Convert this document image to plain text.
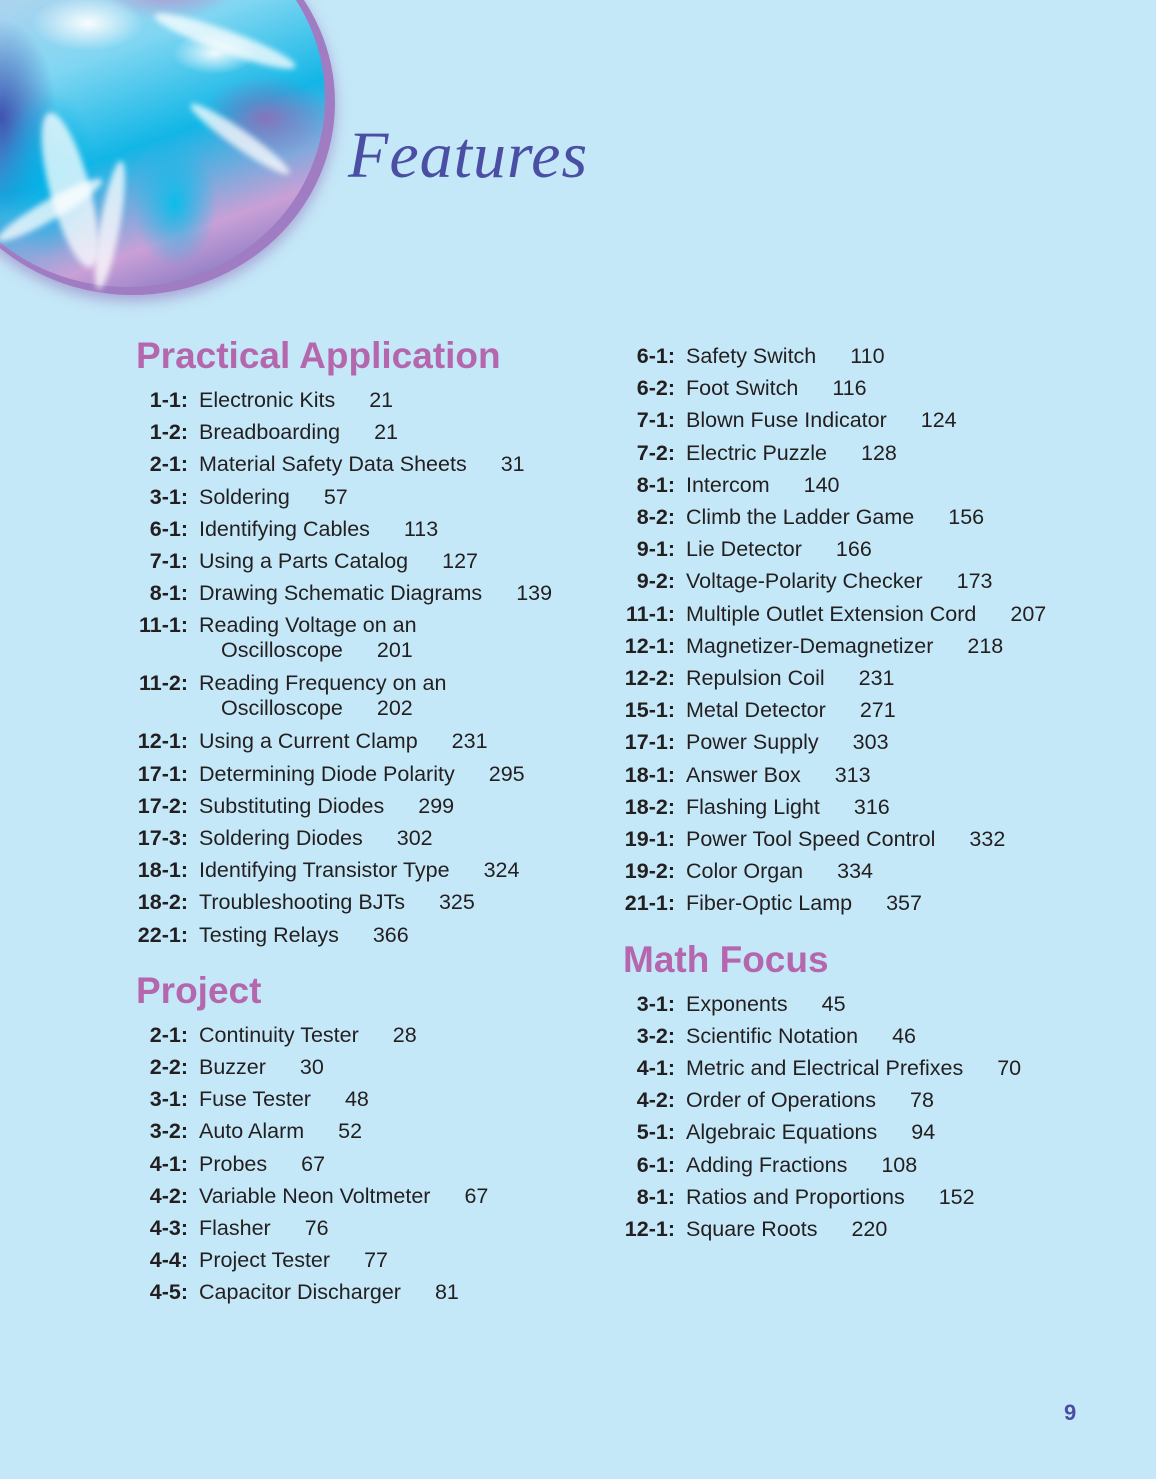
Features
Practical Application
1-1: Electronic Kits	21
1-2: Breadboarding	21
2-1: Material Safety Data Sheets	31
3-1: Soldering	57
6-1: Identifying Cables	113
7-1: Using a Parts Catalog	127
8-1: Drawing Schematic Diagrams	139
11-1: Reading Voltage on an
Oscilloscope 201
11-2: Reading Frequency on an
Oscilloscope 202
12-1: Using a Current Clamp	231
17-1: Determining Diode Polarity	295
17-2: Substituting Diodes	299
17-3: Soldering Diodes	302
18-1: Identifying Transistor Type	324
18-2: Troubleshooting BJTs	325
22-1: Testing Relays	366
Project
2-1: Continuity Tester	28
2-2: Buzzer	30
3-1: Fuse Tester	48
3-2: Auto Alarm	52
4-1: Probes	67
4-2: Variable Neon Voltmeter	67
4-3: Flasher	76
4-4: Project Tester	77
4-5: Capacitor Discharger	81
6-1: Safety Switch	110
6-2: Foot Switch	116
7-1: Blown Fuse Indicator	124
7-2: Electric Puzzle	128
8-1: Intercom	140
8-2: Climb the Ladder Game	156
9-1: Lie Detector	166
9-2: Voltage-Polarity Checker	173
11-1: Multiple Outlet Extension Cord	207
12-1: Magnetizer-Demagnetizer	218
12-2: Repulsion Coil	231
15-1: Metal Detector	271
17-1: Power Supply	303
18-1: Answer Box	313
18-2: Flashing Light	316
19-1: Power Tool Speed Control	332
19-2: Color Organ	334
21-1: Fiber-Optic Lamp	357
Math Focus
3-1: Exponents	45
3-2: Scientific Notation	46
4-1: Metric and Electrical Prefixes	70
4-2: Order of Operations	78
5-1: Algebraic Equations	94
6-1: Adding Fractions	108
8-1: Ratios and Proportions	152
12-1: Square Roots	220
9
